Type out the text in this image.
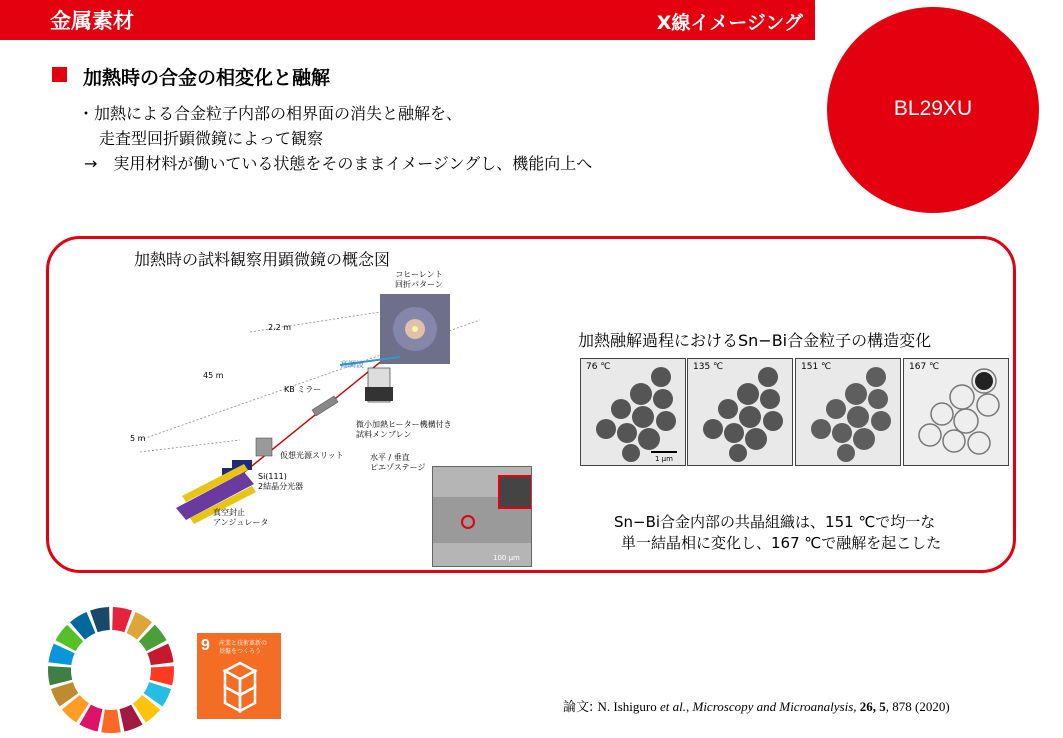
金属素材	X線イメージング
BL29XU
加熱時の合金の相変化と融解
・加熱による合金粒子内部の相界面の消失と融解を、
走査型回折顕微鏡によって観察
→　実用材料が働いている状態をそのままイメージングし、機能向上へ
加熱時の試料観察用顕微鏡の概念図
コヒーレント
回折パターン
2.2 m
45 m
5 m
KB ミラー
高調波
微小加熱ヒーター機構付き
試料メンブレン
仮想光源スリット
Si(111)
2結晶分光器
真空封止
アンジュレータ
水平 / 垂直
ピエゾステージ
100 μm
加熱融解過程におけるSn−Bi合金粒子の構造変化
76 ℃
1 μm
135 ℃	151 ℃	167 ℃
Sn−Bi合金内部の共晶組織は、151 ℃で均一な
単一結晶相に変化し、167 ℃で融解を起こした
9 産業と技術革新の
基盤をつくろう
論文: N. Ishiguro et al., Microscopy and Microanalysis, 26, 5, 878 (2020)
